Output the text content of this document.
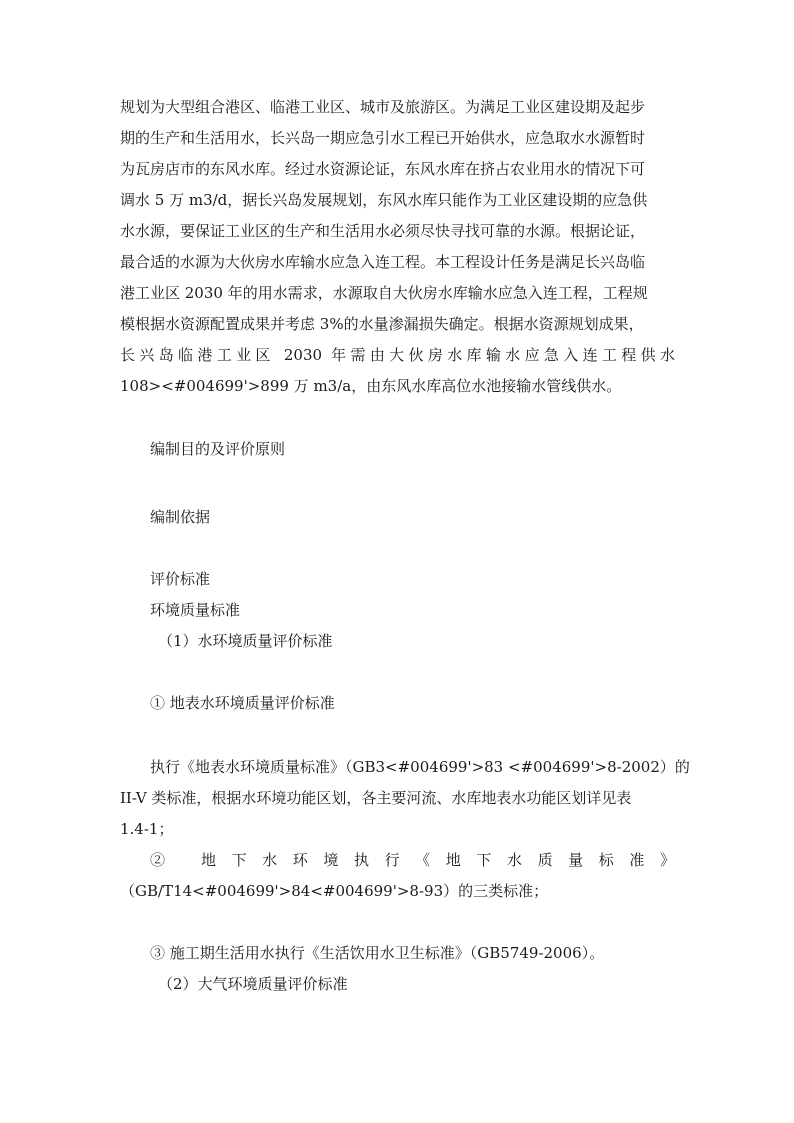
规划为大型组合港区、临港工业区、城市及旅游区。为满足工业区建设期及起步
期的生产和生活用水，长兴岛一期应急引水工程已开始供水，应急取水水源暂时
为瓦房店市的东风水库。经过水资源论证，东风水库在挤占农业用水的情况下可
调水 5 万 m3/d，据长兴岛发展规划，东风水库只能作为工业区建设期的应急供
水水源，要保证工业区的生产和生活用水必须尽快寻找可靠的水源。根据论证，
最合适的水源为大伙房水库输水应急入连工程。本工程设计任务是满足长兴岛临
港工业区 2030 年的用水需求，水源取自大伙房水库输水应急入连工程，工程规
模根据水资源配置成果并考虑 3%的水量渗漏损失确定。根据水资源规划成果，
长兴岛临港工业区 2030 年需由大伙房水库输水应急入连工程供水
108><#004699'>899 万 m3/a，由东风水库高位水池接输水管线供水。

编制目的及评价原则

编制依据

评价标准

环境质量标准

（1）水环境质量评价标准

① 地表水环境质量评价标准

执行《地表水环境质量标准》（GB3<#004699'>83 <#004699'>8-2002）的
II-V 类标准，根据水环境功能区划，各主要河流、水库地表水功能区划详见表
1.4-1；

② 地下水环境执行《地下水质量标准》
（GB/T14<#004699'>84<#004699'>8-93）的三类标准；

③ 施工期生活用水执行《生活饮用水卫生标准》（GB5749-2006）。

（2）大气环境质量评价标准
